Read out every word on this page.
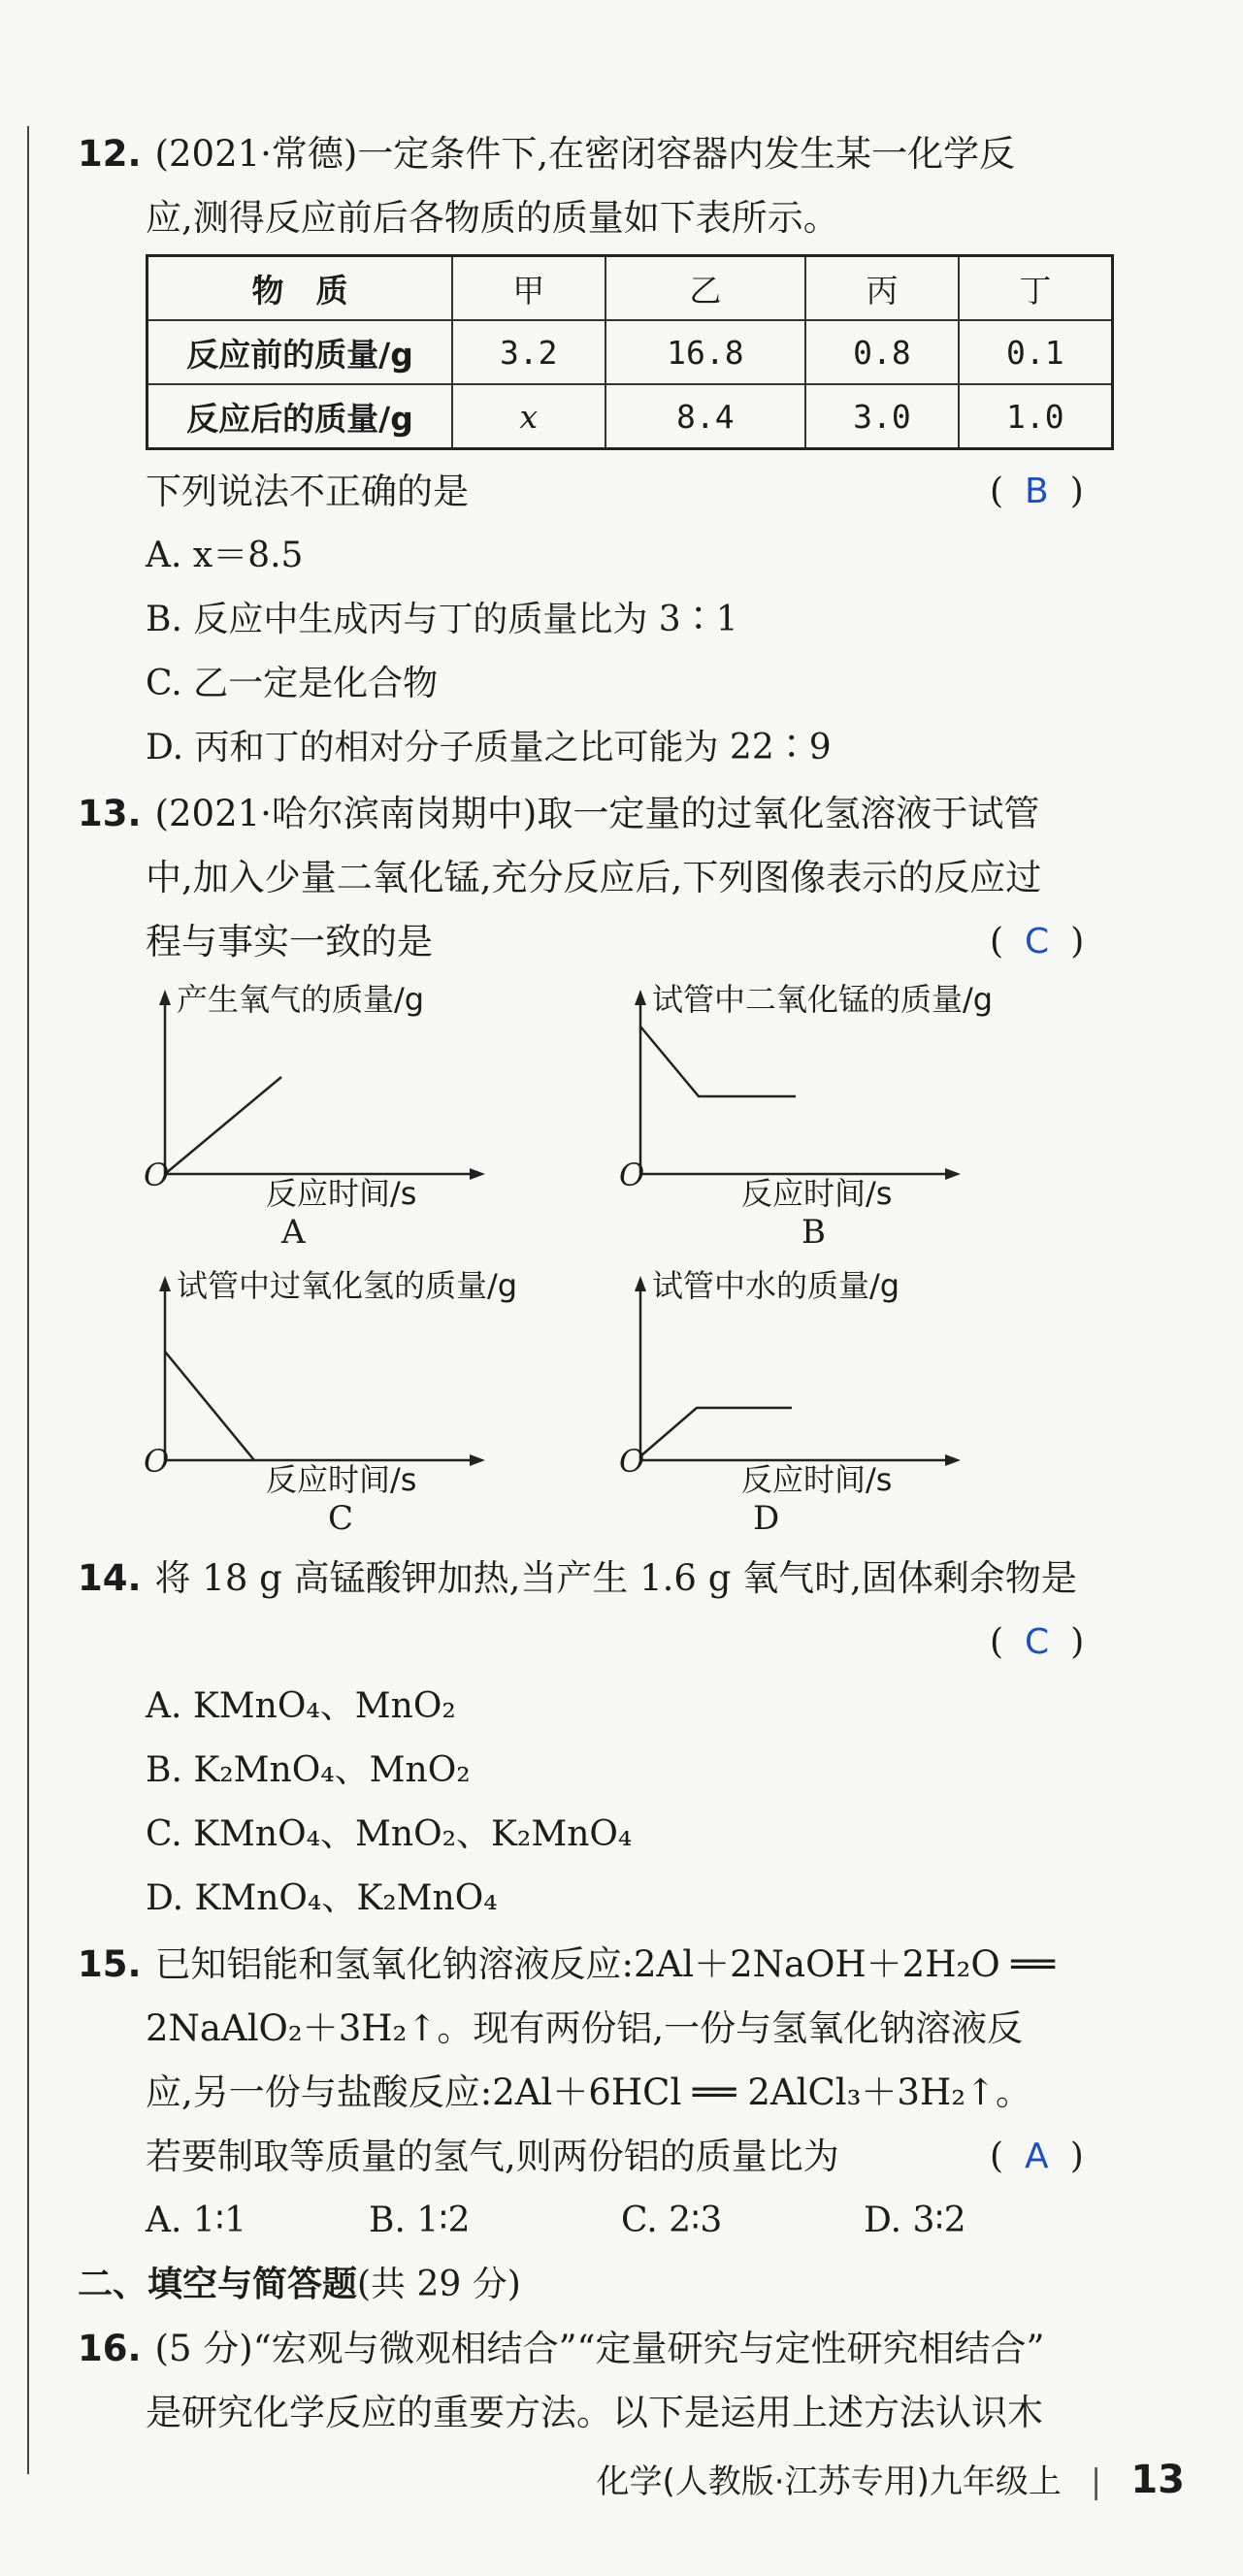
12. (2021·常德)一定条件下,在密闭容器内发生某一化学反
应,测得反应前后各物质的质量如下表所示。
物　质	甲	乙	丙	丁
反应前的质量/g	3.2	16.8	0.8	0.1
反应后的质量/g	x	8.4	3.0	1.0
下列说法不正确的是	( B )
A. x＝8.5
B. 反应中生成丙与丁的质量比为 3∶1
C. 乙一定是化合物
D. 丙和丁的相对分子质量之比可能为 22∶9
13. (2021·哈尔滨南岗期中)取一定量的过氧化氢溶液于试管
中,加入少量二氧化锰,充分反应后,下列图像表示的反应过
程与事实一致的是	( C )
产生氧气的质量/g
O	反应时间/s
A
试管中二氧化锰的质量/g
O	反应时间/s
B
试管中过氧化氢的质量/g
O	反应时间/s
C
试管中水的质量/g
O	反应时间/s
D
14. 将 18 g 高锰酸钾加热,当产生 1.6 g 氧气时,固体剩余物是
( C )
A. KMnO₄、MnO₂
B. K₂MnO₄、MnO₂
C. KMnO₄、MnO₂、K₂MnO₄
D. KMnO₄、K₂MnO₄
15. 已知铝能和氢氧化钠溶液反应:2Al＋2NaOH＋2H₂O ══
2NaAlO₂＋3H₂↑。现有两份铝,一份与氢氧化钠溶液反
应,另一份与盐酸反应:2Al＋6HCl ══ 2AlCl₃＋3H₂↑。
若要制取等质量的氢气,则两份铝的质量比为	( A )
A. 1∶1	B. 1∶2	C. 2∶3	D. 3∶2
二、填空与简答题(共 29 分)
16. (5 分)“宏观与微观相结合”“定量研究与定性研究相结合”
是研究化学反应的重要方法。以下是运用上述方法认识木
化学(人教版·江苏专用)九年级上 | 13
